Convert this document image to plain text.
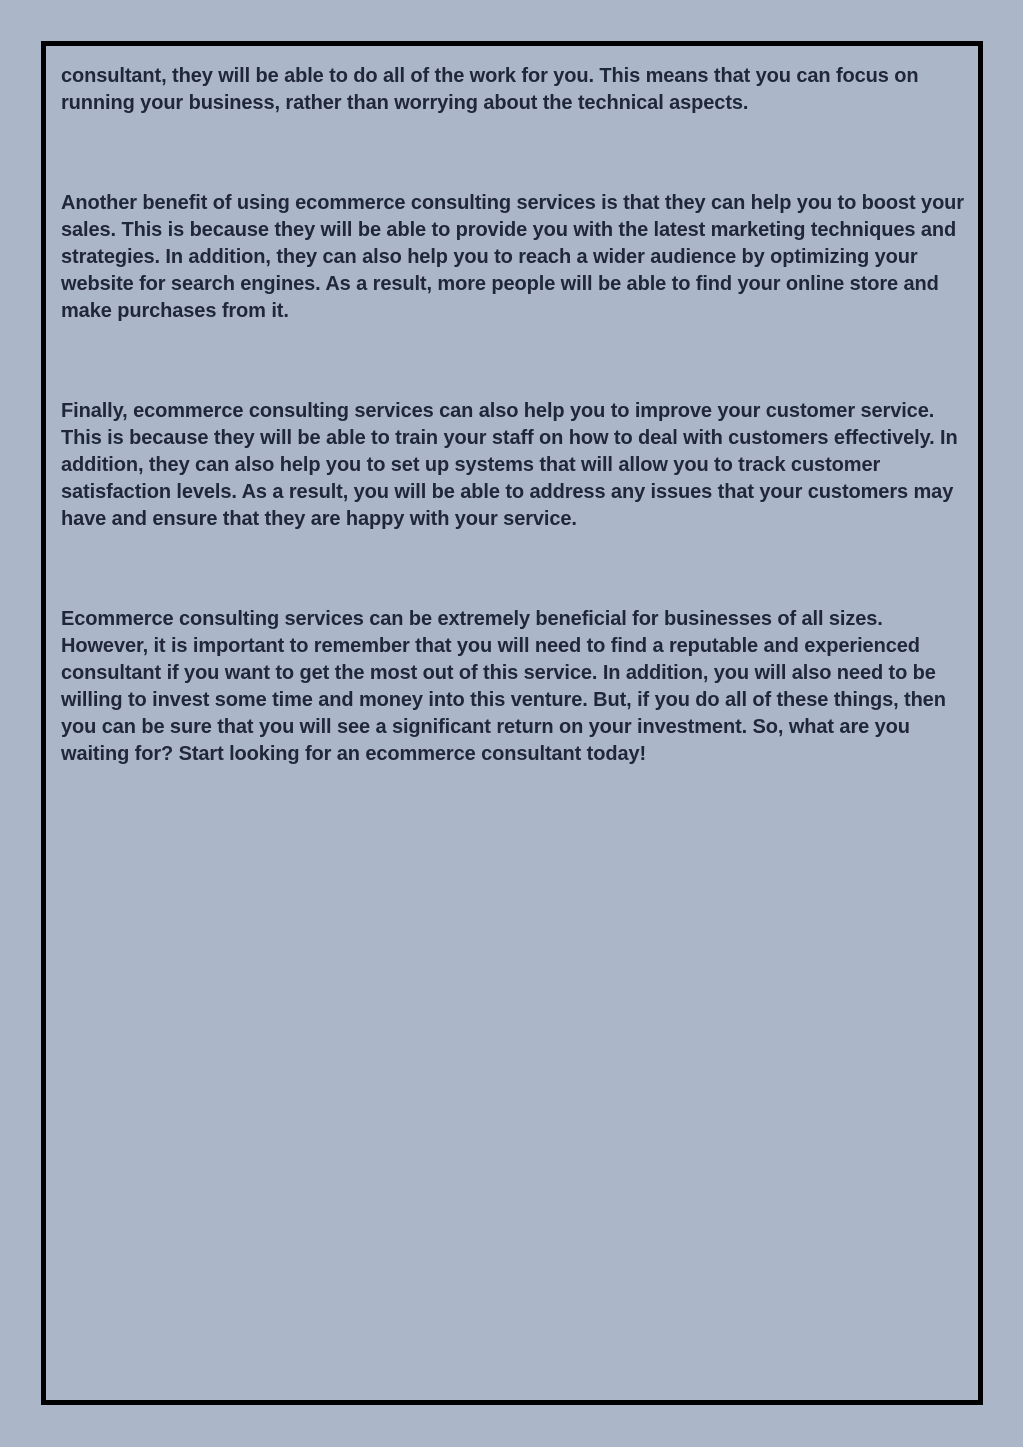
consultant, they will be able to do all of the work for you. This means that you can focus on running your business, rather than worrying about the technical aspects.

Another benefit of using ecommerce consulting services is that they can help you to boost your sales. This is because they will be able to provide you with the latest marketing techniques and strategies. In addition, they can also help you to reach a wider audience by optimizing your website for search engines. As a result, more people will be able to find your online store and make purchases from it.

Finally, ecommerce consulting services can also help you to improve your customer service. This is because they will be able to train your staff on how to deal with customers effectively. In addition, they can also help you to set up systems that will allow you to track customer satisfaction levels. As a result, you will be able to address any issues that your customers may have and ensure that they are happy with your service.

Ecommerce consulting services can be extremely beneficial for businesses of all sizes. However, it is important to remember that you will need to find a reputable and experienced consultant if you want to get the most out of this service. In addition, you will also need to be willing to invest some time and money into this venture. But, if you do all of these things, then you can be sure that you will see a significant return on your investment. So, what are you waiting for? Start looking for an ecommerce consultant today!
